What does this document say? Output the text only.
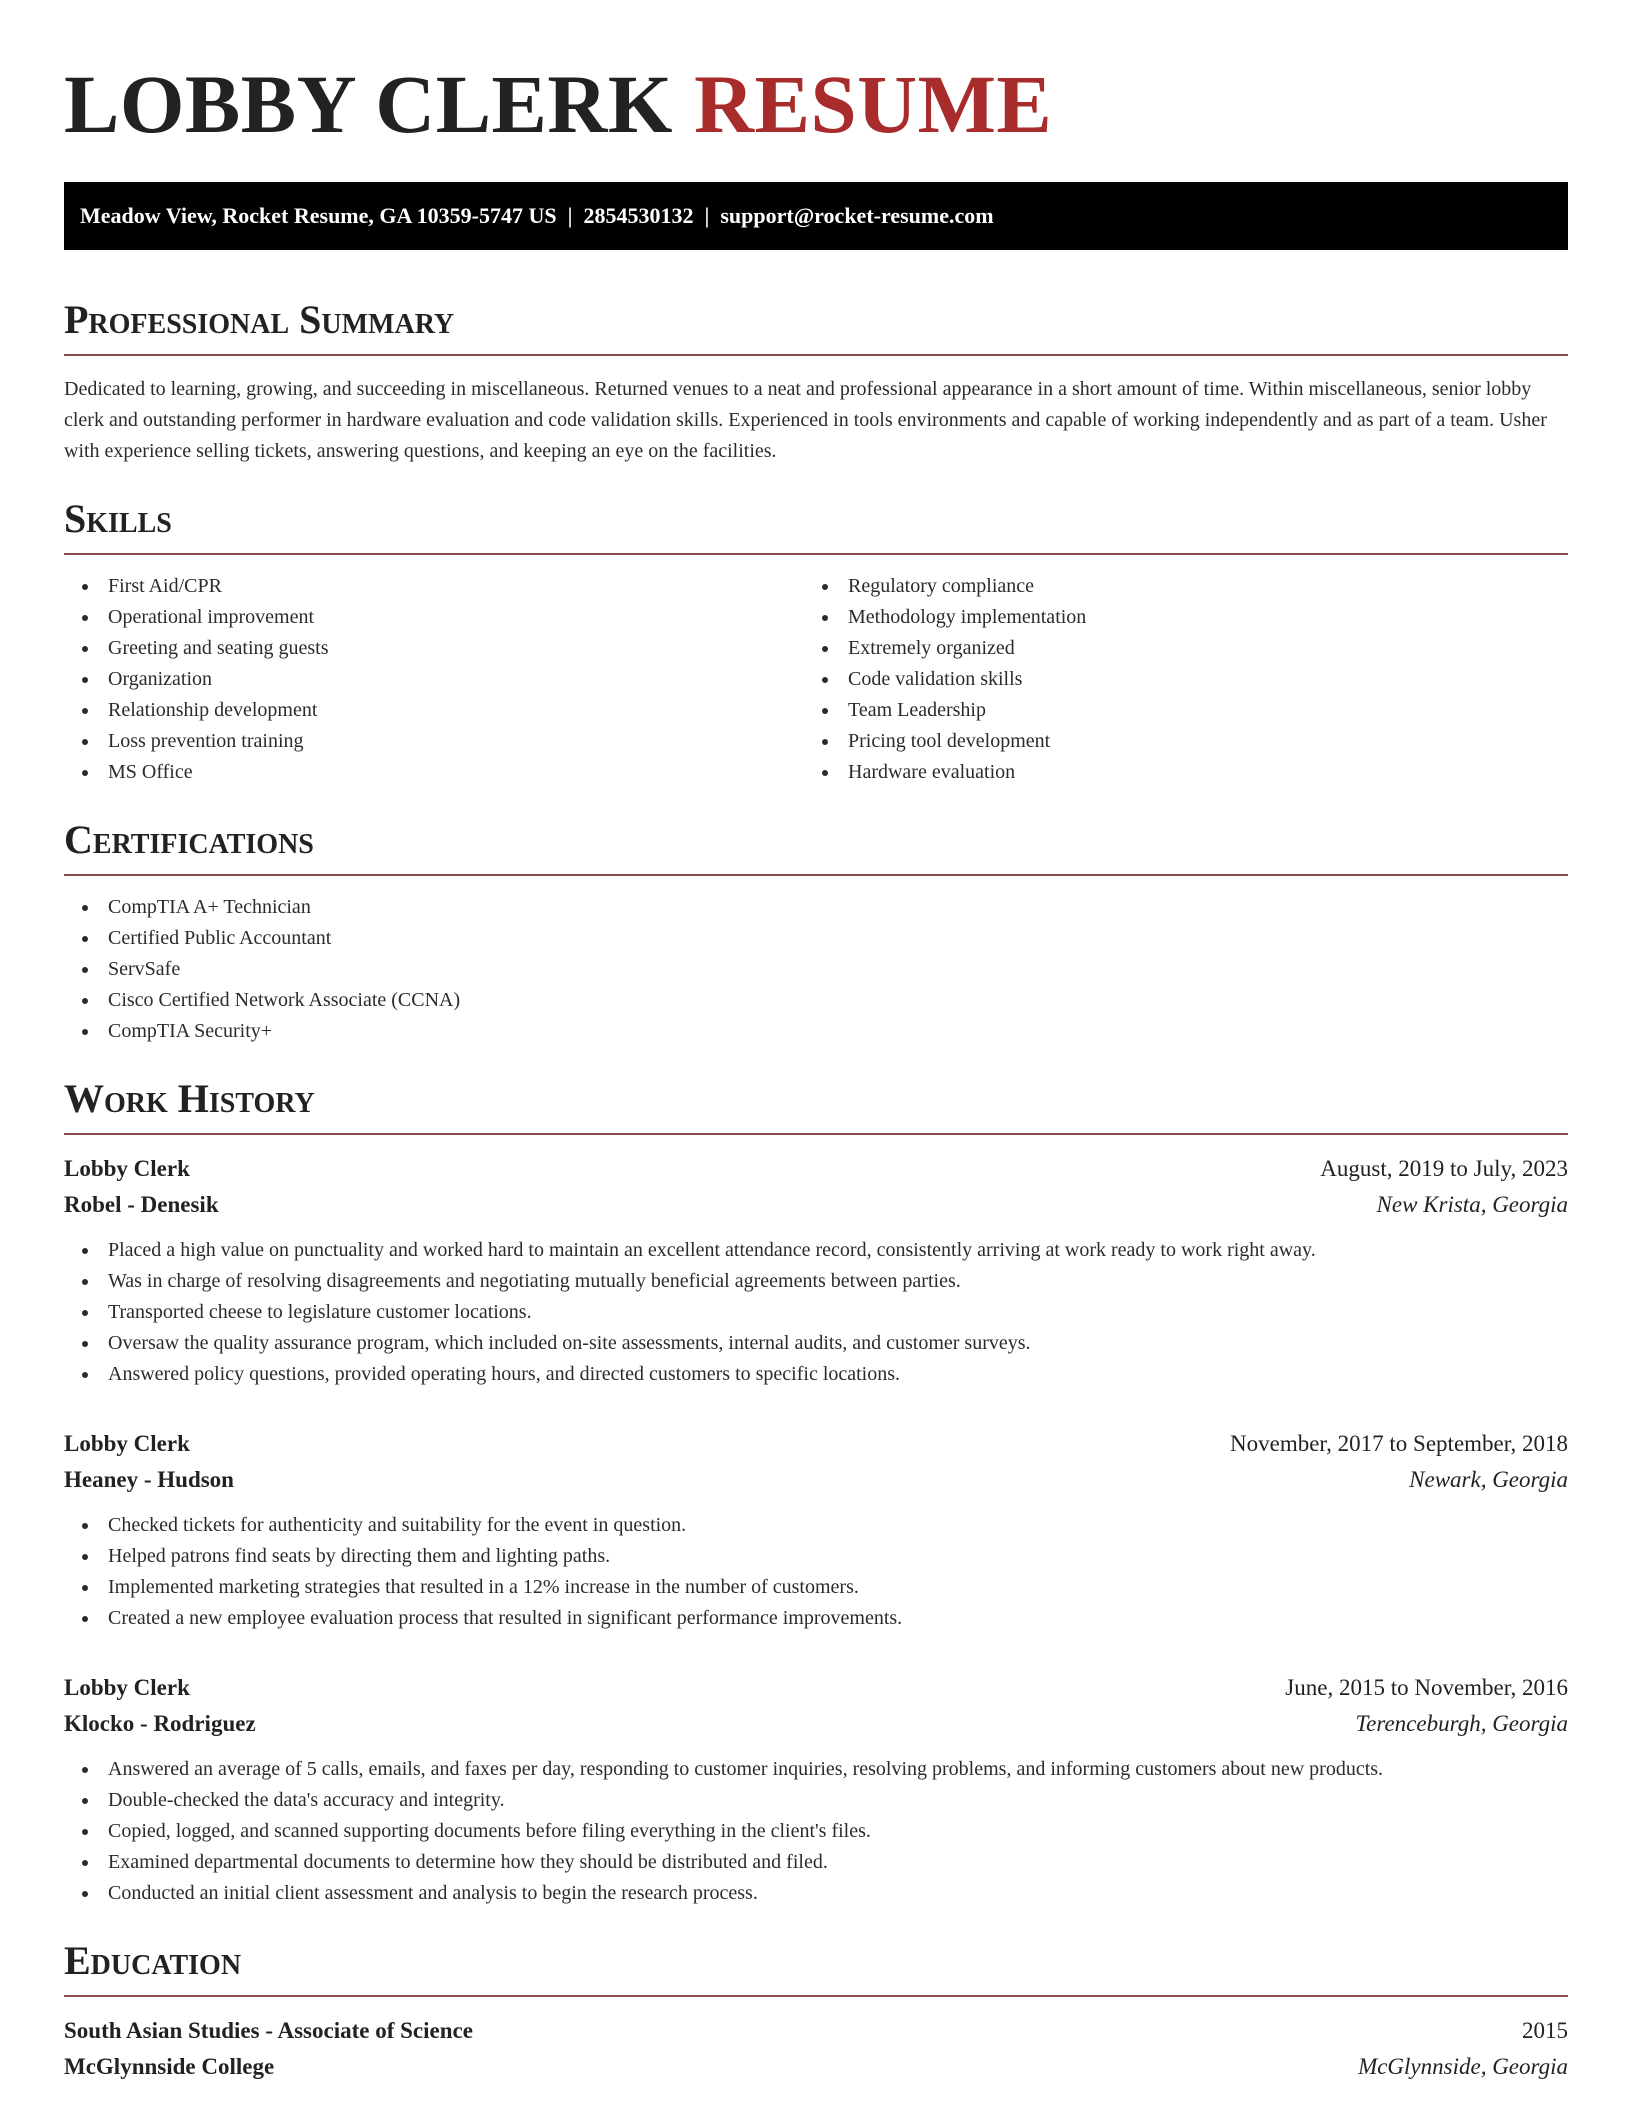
LOBBY CLERK RESUME
Meadow View, Rocket Resume, GA 10359-5747 US | 2854530132 | support@rocket-resume.com
Professional Summary

Dedicated to learning, growing, and succeeding in miscellaneous. Returned venues to a neat and professional appearance in a short amount of time. Within miscellaneous, senior lobby clerk and outstanding performer in hardware evaluation and code validation skills. Experienced in tools environments and capable of working independently and as part of a team. Usher with experience selling tickets, answering questions, and keeping an eye on the facilities.

Skills
First Aid/CPR
Operational improvement
Greeting and seating guests
Organization
Relationship development
Loss prevention training
MS Office
Regulatory compliance
Methodology implementation
Extremely organized
Code validation skills
Team Leadership
Pricing tool development
Hardware evaluation
Certifications
CompTIA A+ Technician
Certified Public Accountant
ServSafe
Cisco Certified Network Associate (CCNA)
CompTIA Security+
Work History
Lobby Clerk	August, 2019 to July, 2023
Robel - Denesik	New Krista, Georgia
Placed a high value on punctuality and worked hard to maintain an excellent attendance record, consistently arriving at work ready to work right away.
Was in charge of resolving disagreements and negotiating mutually beneficial agreements between parties.
Transported cheese to legislature customer locations.
Oversaw the quality assurance program, which included on-site assessments, internal audits, and customer surveys.
Answered policy questions, provided operating hours, and directed customers to specific locations.
Lobby Clerk	November, 2017 to September, 2018
Heaney - Hudson	Newark, Georgia
Checked tickets for authenticity and suitability for the event in question.
Helped patrons find seats by directing them and lighting paths.
Implemented marketing strategies that resulted in a 12% increase in the number of customers.
Created a new employee evaluation process that resulted in significant performance improvements.
Lobby Clerk	June, 2015 to November, 2016
Klocko - Rodriguez	Terenceburgh, Georgia
Answered an average of 5 calls, emails, and faxes per day, responding to customer inquiries, resolving problems, and informing customers about new products.
Double-checked the data's accuracy and integrity.
Copied, logged, and scanned supporting documents before filing everything in the client's files.
Examined departmental documents to determine how they should be distributed and filed.
Conducted an initial client assessment and analysis to begin the research process.
Education
South Asian Studies - Associate of Science	2015
McGlynnside College	McGlynnside, Georgia
